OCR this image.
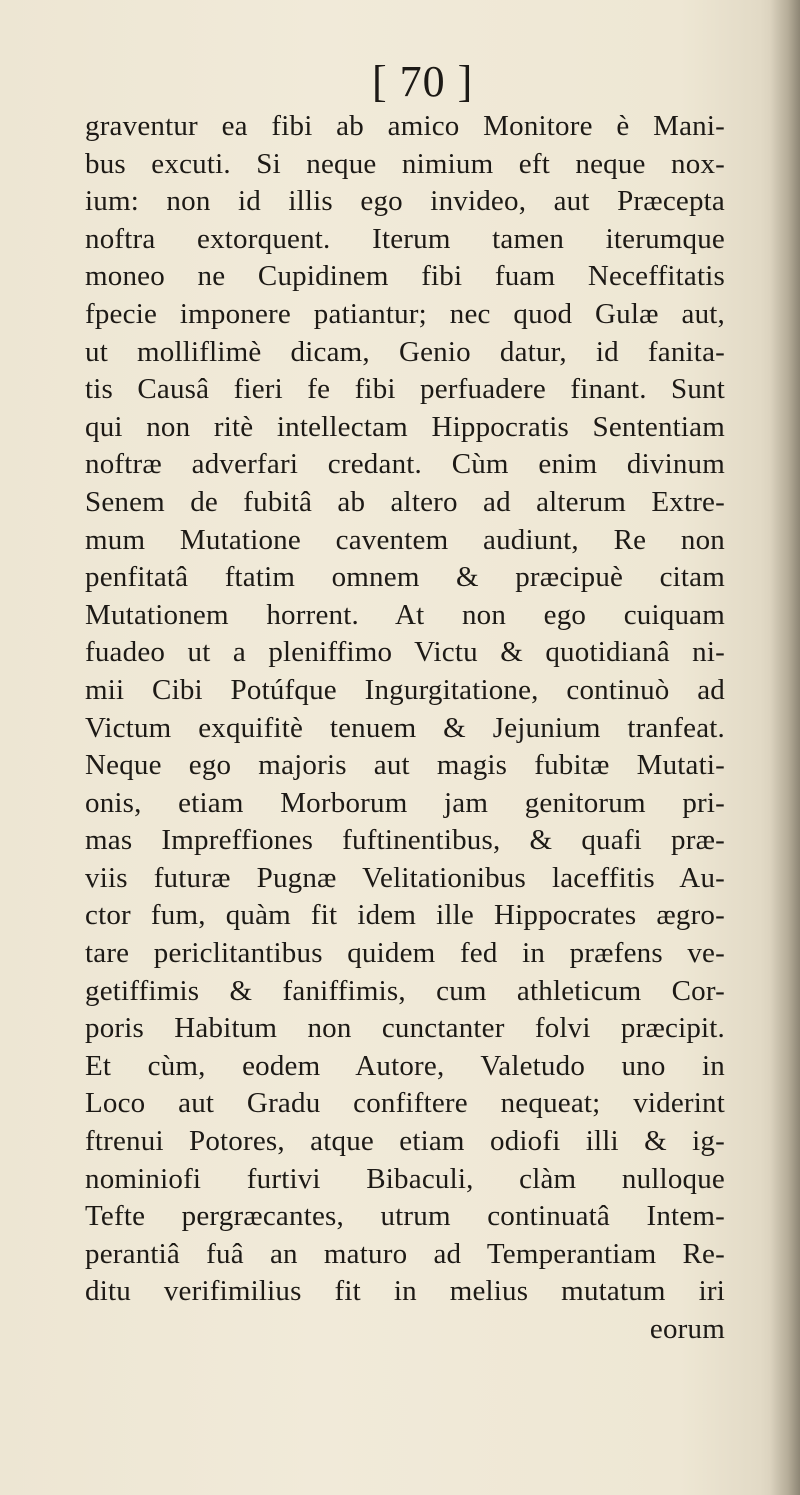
[ 70 ]
graventur ea fibi ab amico Monitore è Mani-
bus excuti. Si neque nimium eft neque nox-
ium: non id illis ego invideo, aut Præcepta
noftra extorquent. Iterum tamen iterumque
moneo ne Cupidinem fibi fuam Neceffitatis
fpecie imponere patiantur; nec quod Gulæ aut,
ut molliflimè dicam, Genio datur, id fanita-
tis Causâ fieri fe fibi perfuadere finant. Sunt
qui non ritè intellectam Hippocratis Sententiam
noftræ adverfari credant. Cùm enim divinum
Senem de fubitâ ab altero ad alterum Extre-
mum Mutatione caventem audiunt, Re non
penfitatâ ftatim omnem & præcipuè citam
Mutationem horrent. At non ego cuiquam
fuadeo ut a pleniffimo Victu & quotidianâ ni-
mii Cibi Potúfque Ingurgitatione, continuò ad
Victum exquifitè tenuem & Jejunium tranfeat.
Neque ego majoris aut magis fubitæ Mutati-
onis, etiam Morborum jam genitorum pri-
mas Impreffiones fuftinentibus, & quafi præ-
viis futuræ Pugnæ Velitationibus laceffitis Au-
ctor fum, quàm fit idem ille Hippocrates ægro-
tare periclitantibus quidem fed in præfens ve-
getiffimis & faniffimis, cum athleticum Cor-
poris Habitum non cunctanter folvi præcipit.
Et cùm, eodem Autore, Valetudo uno in
Loco aut Gradu confiftere nequeat; viderint
ftrenui Potores, atque etiam odiofi illi & ig-
nominiofi furtivi Bibaculi, clàm nulloque
Tefte pergræcantes, utrum continuatâ Intem-
perantiâ fuâ an maturo ad Temperantiam Re-
ditu verifimilius fit in melius mutatum iri
eorum
